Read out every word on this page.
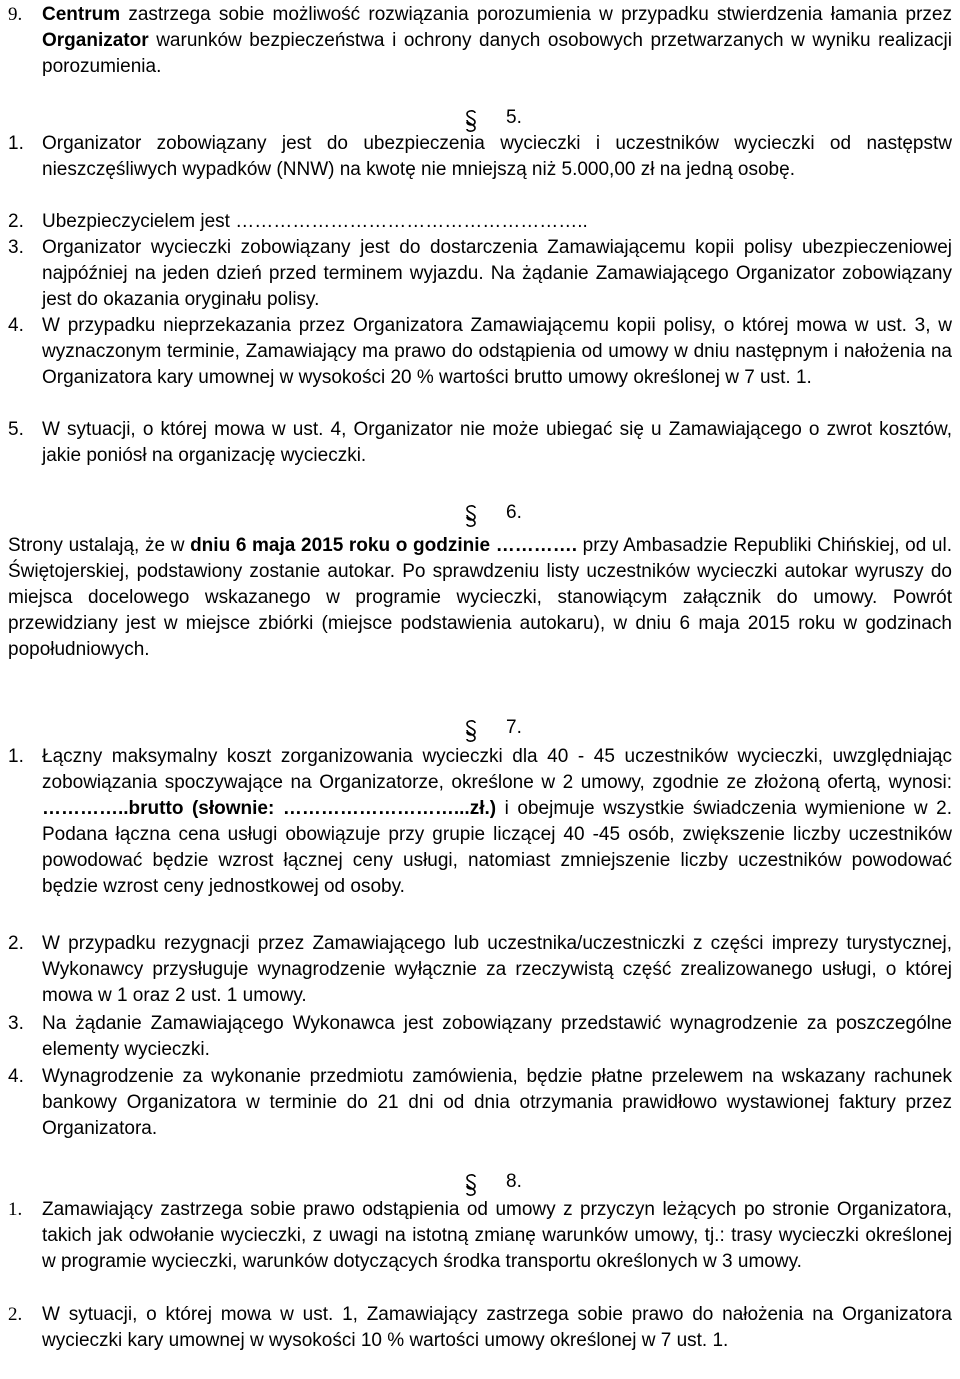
9. Centrum zastrzega sobie możliwość rozwiązania porozumienia w przypadku stwierdzenia łamania przez Organizator warunków bezpieczeństwa i ochrony danych osobowych przetwarzanych w wyniku realizacji porozumienia.
5.
1. Organizator zobowiązany jest do ubezpieczenia wycieczki i uczestników wycieczki od następstw nieszczęśliwych wypadków (NNW) na kwotę nie mniejszą niż 5.000,00 zł na jedną osobę.
2. Ubezpieczycielem jest ………………………………………………..
3. Organizator wycieczki zobowiązany jest do dostarczenia Zamawiającemu kopii polisy ubezpieczeniowej najpóźniej na jeden dzień przed terminem wyjazdu. Na żądanie Zamawiającego Organizator zobowiązany jest do okazania oryginału polisy.
4. W przypadku nieprzekazania przez Organizatora Zamawiającemu kopii polisy, o której mowa w ust. 3, w wyznaczonym terminie, Zamawiający ma prawo do odstąpienia od umowy w dniu następnym i nałożenia na Organizatora kary umownej w wysokości 20 % wartości brutto umowy określonej w 7 ust. 1.
5. W sytuacji, o której mowa w ust. 4, Organizator nie może ubiegać się u Zamawiającego o zwrot kosztów, jakie poniósł na organizację wycieczki.
6.
Strony ustalają, że w dniu 6 maja 2015 roku o godzinie …………. przy Ambasadzie Republiki Chińskiej, od ul. Świętojerskiej, podstawiony zostanie autokar. Po sprawdzeniu listy uczestników wycieczki autokar wyruszy do miejsca docelowego wskazanego w programie wycieczki, stanowiącym załącznik do umowy. Powrót przewidziany jest w miejsce zbiórki (miejsce podstawienia autokaru), w dniu 6 maja 2015 roku w godzinach popołudniowych.
7.
1. Łączny maksymalny koszt zorganizowania wycieczki dla 40 - 45 uczestników wycieczki, uwzględniając zobowiązania spoczywające na Organizatorze, określone w 2 umowy, zgodnie ze złożoną ofertą, wynosi: …………..brutto (słownie: ………………………...zł.) i obejmuje wszystkie świadczenia wymienione w 2. Podana łączna cena usługi obowiązuje przy grupie liczącej 40 -45 osób, zwiększenie liczby uczestników powodować będzie wzrost łącznej ceny usługi, natomiast zmniejszenie liczby uczestników powodować będzie wzrost ceny jednostkowej od osoby.
2. W przypadku rezygnacji przez Zamawiającego lub uczestnika/uczestniczki z części imprezy turystycznej, Wykonawcy przysługuje wynagrodzenie wyłącznie za rzeczywistą część zrealizowanego usługi, o której mowa w 1 oraz 2 ust. 1 umowy.
3. Na żądanie Zamawiającego Wykonawca jest zobowiązany przedstawić wynagrodzenie za poszczególne elementy wycieczki.
4. Wynagrodzenie za wykonanie przedmiotu zamówienia, będzie płatne przelewem na wskazany rachunek bankowy Organizatora w terminie do 21 dni od dnia otrzymania prawidłowo wystawionej faktury przez Organizatora.
8.
1. Zamawiający zastrzega sobie prawo odstąpienia od umowy z przyczyn leżących po stronie Organizatora, takich jak odwołanie wycieczki, z uwagi na istotną zmianę warunków umowy, tj.: trasy wycieczki określonej w programie wycieczki, warunków dotyczących środka transportu określonych w 3 umowy.
2. W sytuacji, o której mowa w ust. 1, Zamawiający zastrzega sobie prawo do nałożenia na Organizatora wycieczki kary umownej w wysokości 10 % wartości umowy określonej w 7 ust. 1.
